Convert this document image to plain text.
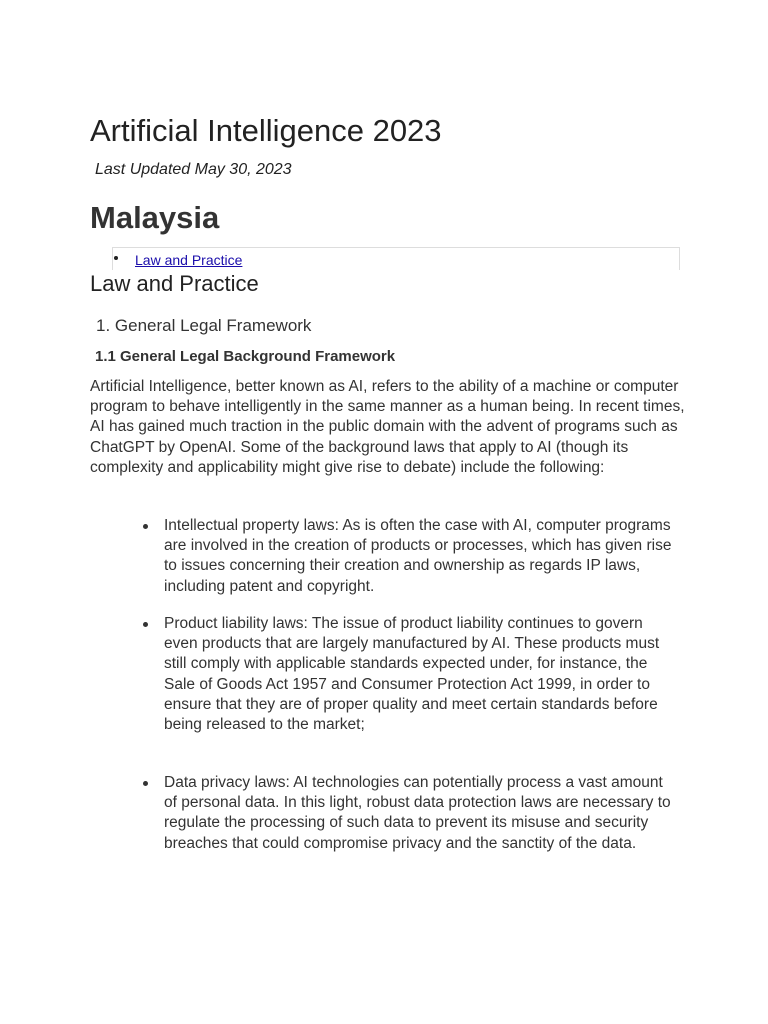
Artificial Intelligence 2023

Last Updated May 30, 2023

Malaysia
Law and Practice
Law and Practice
1. General Legal Framework
1.1 General Legal Background Framework

Artificial Intelligence, better known as AI, refers to the ability of a machine or computer program to behave intelligently in the same manner as a human being. In recent times, AI has gained much traction in the public domain with the advent of programs such as ChatGPT by OpenAI. Some of the background laws that apply to AI (though its complexity and applicability might give rise to debate) include the following:

Intellectual property laws: As is often the case with AI, computer programs are involved in the creation of products or processes, which has given rise to issues concerning their creation and ownership as regards IP laws, including patent and copyright.
Product liability laws: The issue of product liability continues to govern even products that are largely manufactured by AI. These products must still comply with applicable standards expected under, for instance, the Sale of Goods Act 1957 and Consumer Protection Act 1999, in order to ensure that they are of proper quality and meet certain standards before being released to the market;
Data privacy laws: AI technologies can potentially process a vast amount of personal data. In this light, robust data protection laws are necessary to regulate the processing of such data to prevent its misuse and security breaches that could compromise privacy and the sanctity of the data.
